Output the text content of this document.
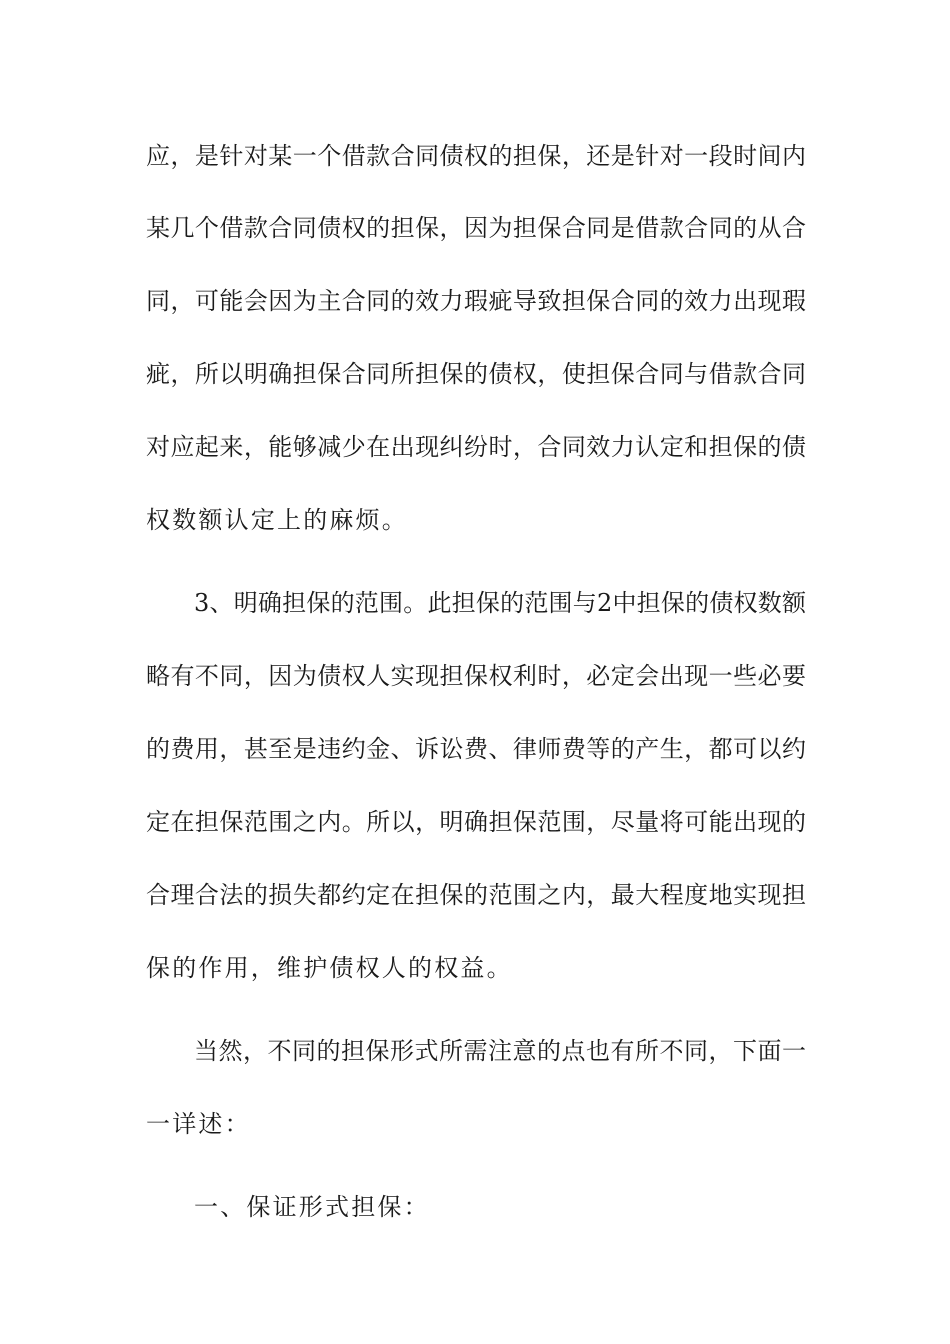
应，是针对某一个借款合同债权的担保，还是针对一段时间内
某几个借款合同债权的担保，因为担保合同是借款合同的从合
同，可能会因为主合同的效力瑕疵导致担保合同的效力出现瑕
疵，所以明确担保合同所担保的债权，使担保合同与借款合同
对应起来，能够减少在出现纠纷时，合同效力认定和担保的债
权数额认定上的麻烦。
3、明确担保的范围。此担保的范围与2中担保的债权数额
略有不同，因为债权人实现担保权利时，必定会出现一些必要
的费用，甚至是违约金、诉讼费、律师费等的产生，都可以约
定在担保范围之内。所以，明确担保范围，尽量将可能出现的
合理合法的损失都约定在担保的范围之内，最大程度地实现担
保的作用，维护债权人的权益。
当然，不同的担保形式所需注意的点也有所不同，下面一
一详述：
一、保证形式担保：
